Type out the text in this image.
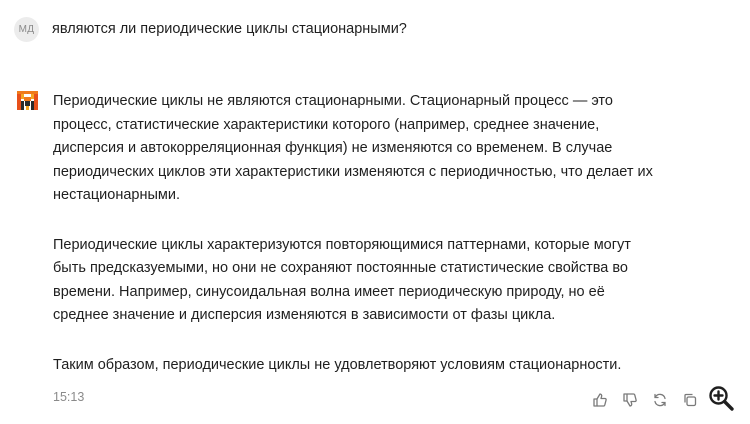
МД	являются ли периодические циклы стационарными?

Периодические циклы не являются стационарными. Стационарный процесс — это
процесс, статистические характеристики которого (например, среднее значение,
дисперсия и автокорреляционная функция) не изменяются со временем. В случае
периодических циклов эти характеристики изменяются с периодичностью, что делает их
нестационарными.

Периодические циклы характеризуются повторяющимися паттернами, которые могут
быть предсказуемыми, но они не сохраняют постоянные статистические свойства во
времени. Например, синусоидальная волна имеет периодическую природу, но её
среднее значение и дисперсия изменяются в зависимости от фазы цикла.

Таким образом, периодические циклы не удовлетворяют условиям стационарности.

15:13
